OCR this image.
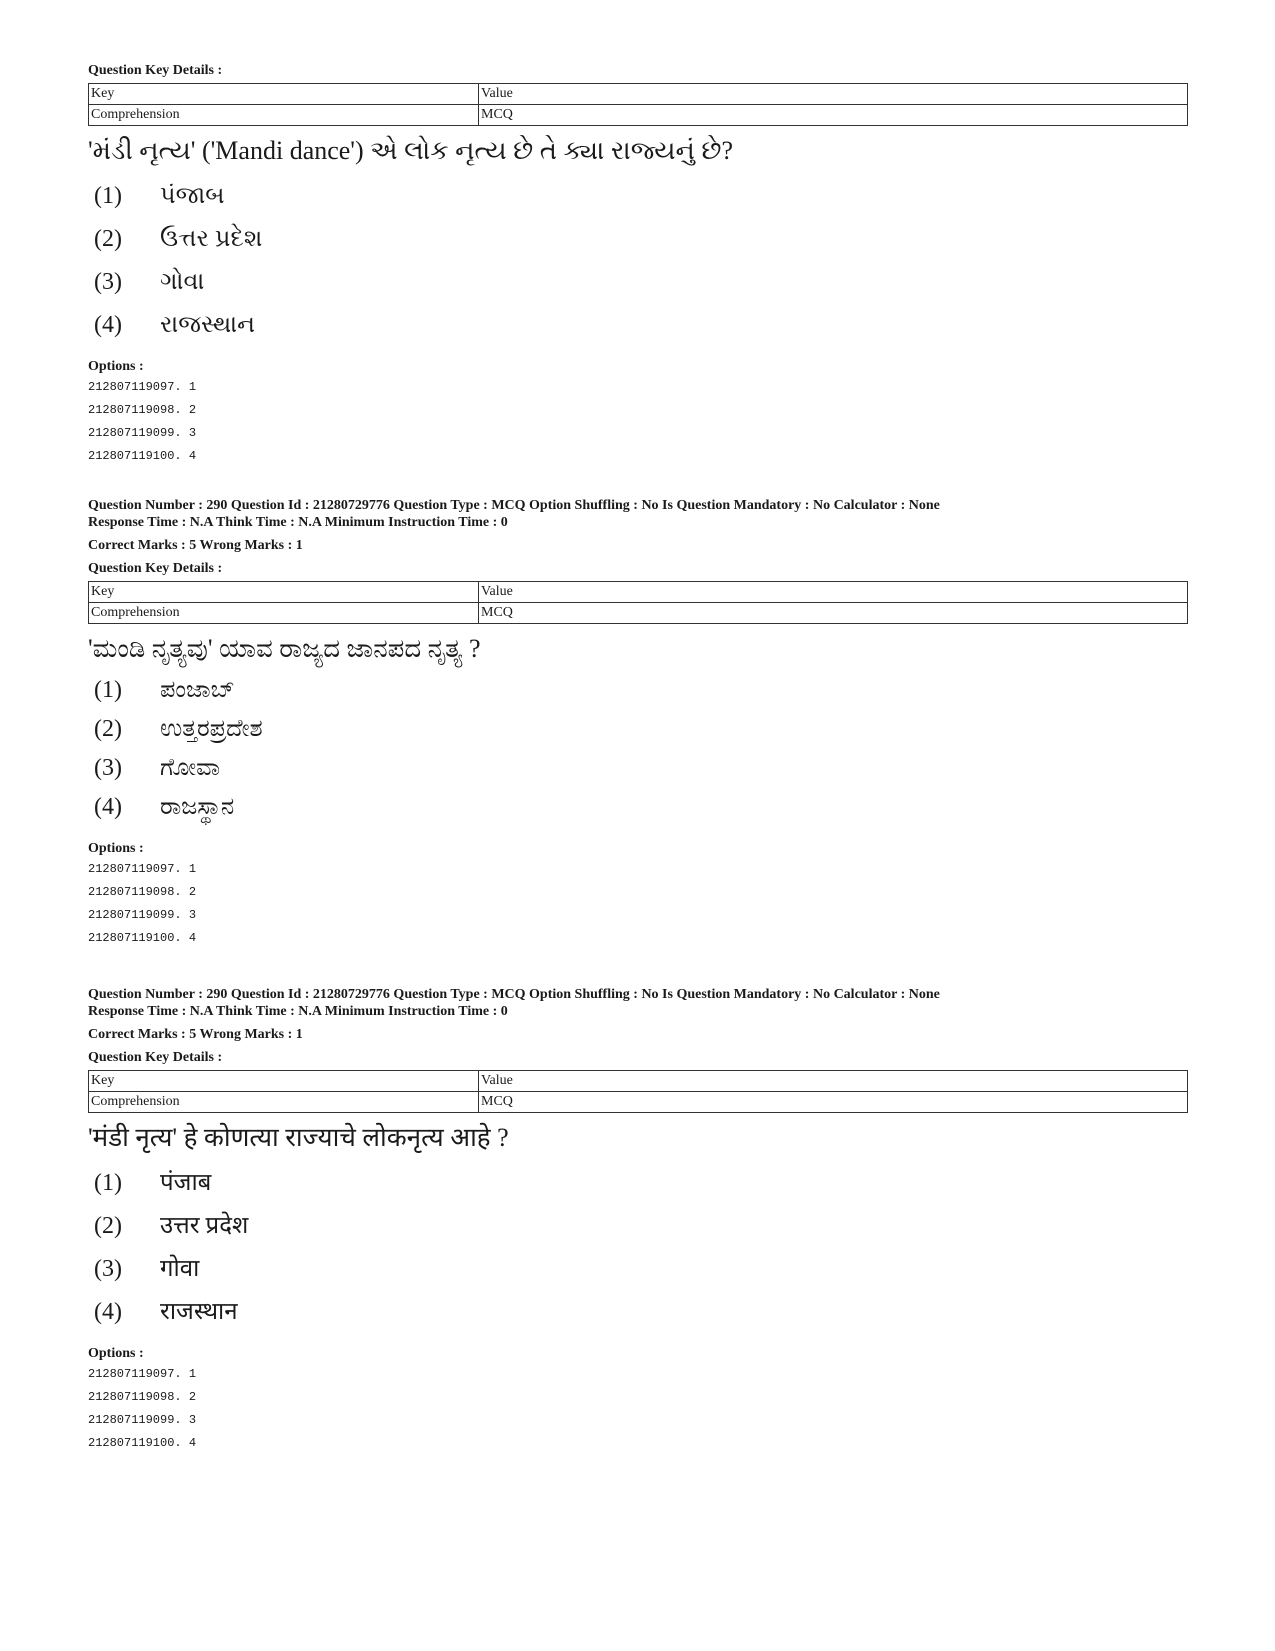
Question Key Details :
Key	Value
Comprehension	MCQ
'મંડી નૃત્ય' ('Mandi dance') એ લોક નૃત્ય છે તે ક્યા રાજ્યનું છે?
(1)	પંજાબ
(2)	ઉત્તર પ્રદેશ
(3)	ગોવા
(4)	રાજસ્થાન
Options :
212807119097. 1
212807119098. 2
212807119099. 3
212807119100. 4
Question Number : 290 Question Id : 21280729776 Question Type : MCQ Option Shuffling : No Is Question Mandatory : No Calculator : None
Response Time : N.A Think Time : N.A Minimum Instruction Time : 0
Correct Marks : 5 Wrong Marks : 1
Question Key Details :
Key	Value
Comprehension	MCQ
'ಮಂಡಿ ನೃತ್ಯವು' ಯಾವ ರಾಜ್ಯದ ಜಾನಪದ ನೃತ್ಯ ?
(1)	ಪಂಜಾಬ್
(2)	ಉತ್ತರಪ್ರದೇಶ
(3)	ಗೋವಾ
(4)	ರಾಜಸ್ಥಾನ
Options :
212807119097. 1
212807119098. 2
212807119099. 3
212807119100. 4
Question Number : 290 Question Id : 21280729776 Question Type : MCQ Option Shuffling : No Is Question Mandatory : No Calculator : None
Response Time : N.A Think Time : N.A Minimum Instruction Time : 0
Correct Marks : 5 Wrong Marks : 1
Question Key Details :
Key	Value
Comprehension	MCQ
'मंडी नृत्य' हे कोणत्या राज्याचे लोकनृत्य आहे ?
(1)	पंजाब
(2)	उत्तर प्रदेश
(3)	गोवा
(4)	राजस्थान
Options :
212807119097. 1
212807119098. 2
212807119099. 3
212807119100. 4
